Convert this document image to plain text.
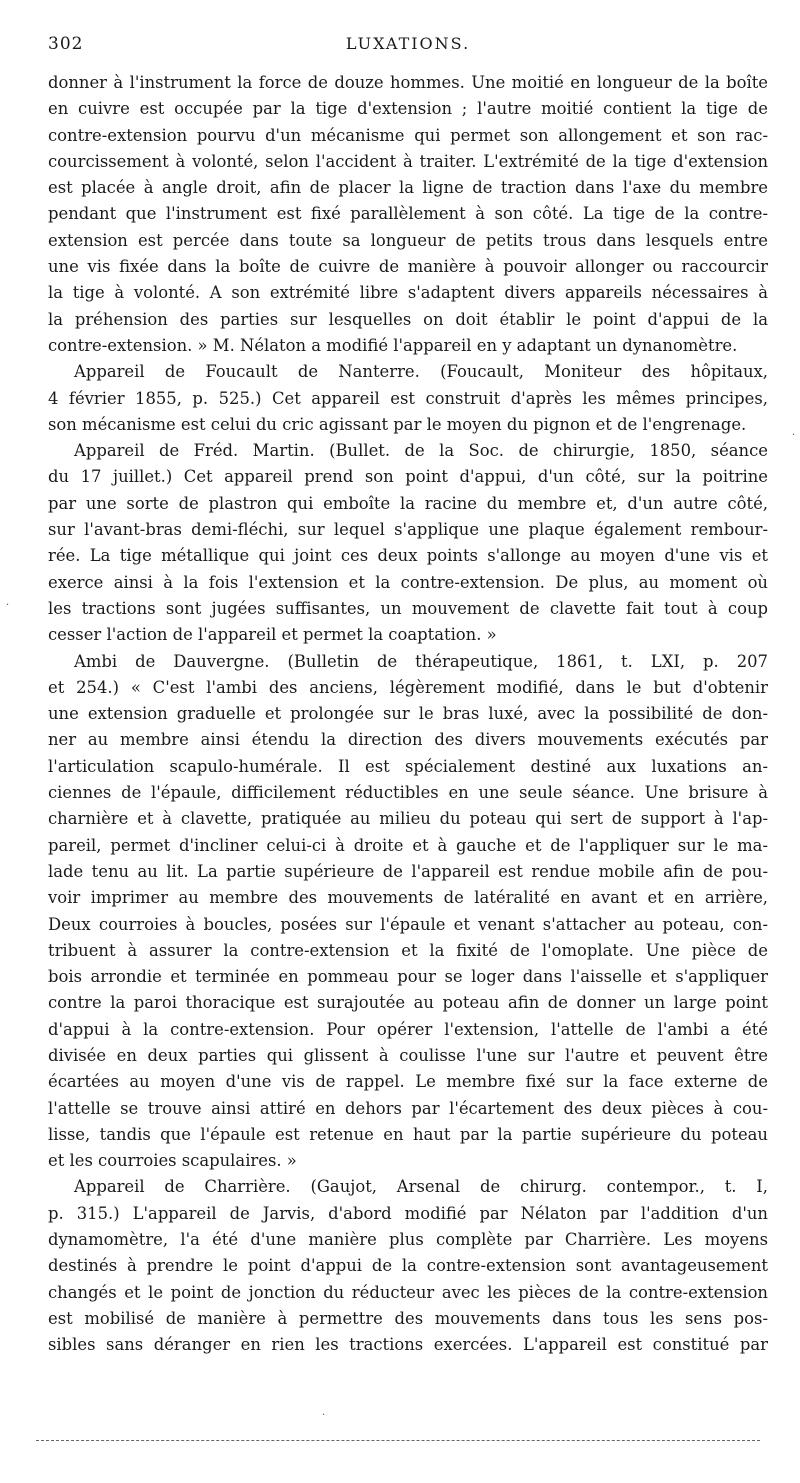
302	LUXATIONS.
donner à l'instrument la force de douze hommes. Une moitié en longueur de la boîte
en cuivre est occupée par la tige d'extension ; l'autre moitié contient la tige de
contre-extension pourvu d'un mécanisme qui permet son allongement et son rac-
courcissement à volonté, selon l'accident à traiter. L'extrémité de la tige d'extension
est placée à angle droit, afin de placer la ligne de traction dans l'axe du membre
pendant que l'instrument est fixé parallèlement à son côté. La tige de la contre-
extension est percée dans toute sa longueur de petits trous dans lesquels entre
une vis fixée dans la boîte de cuivre de manière à pouvoir allonger ou raccourcir
la tige à volonté. A son extrémité libre s'adaptent divers appareils nécessaires à
la préhension des parties sur lesquelles on doit établir le point d'appui de la
contre-extension. » M. Nélaton a modifié l'appareil en y adaptant un dynanomètre.
Appareil de Foucault de Nanterre. (Foucault, Moniteur des hôpitaux,
4 février 1855, p. 525.) Cet appareil est construit d'après les mêmes principes,
son mécanisme est celui du cric agissant par le moyen du pignon et de l'engrenage.
Appareil de Fréd. Martin. (Bullet. de la Soc. de chirurgie, 1850, séance
du 17 juillet.) Cet appareil prend son point d'appui, d'un côté, sur la poitrine
par une sorte de plastron qui emboîte la racine du membre et, d'un autre côté,
sur l'avant-bras demi-fléchi, sur lequel s'applique une plaque également rembour-
rée. La tige métallique qui joint ces deux points s'allonge au moyen d'une vis et
exerce ainsi à la fois l'extension et la contre-extension. De plus, au moment où
les tractions sont jugées suffisantes, un mouvement de clavette fait tout à coup
cesser l'action de l'appareil et permet la coaptation. »
Ambi de Dauvergne. (Bulletin de thérapeutique, 1861, t. LXI, p. 207
et 254.) « C'est l'ambi des anciens, légèrement modifié, dans le but d'obtenir
une extension graduelle et prolongée sur le bras luxé, avec la possibilité de don-
ner au membre ainsi étendu la direction des divers mouvements exécutés par
l'articulation scapulo-humérale. Il est spécialement destiné aux luxations an-
ciennes de l'épaule, difficilement réductibles en une seule séance. Une brisure à
charnière et à clavette, pratiquée au milieu du poteau qui sert de support à l'ap-
pareil, permet d'incliner celui-ci à droite et à gauche et de l'appliquer sur le ma-
lade tenu au lit. La partie supérieure de l'appareil est rendue mobile afin de pou-
voir imprimer au membre des mouvements de latéralité en avant et en arrière,
Deux courroies à boucles, posées sur l'épaule et venant s'attacher au poteau, con-
tribuent à assurer la contre-extension et la fixité de l'omoplate. Une pièce de
bois arrondie et terminée en pommeau pour se loger dans l'aisselle et s'appliquer
contre la paroi thoracique est surajoutée au poteau afin de donner un large point
d'appui à la contre-extension. Pour opérer l'extension, l'attelle de l'ambi a été
divisée en deux parties qui glissent à coulisse l'une sur l'autre et peuvent être
écartées au moyen d'une vis de rappel. Le membre fixé sur la face externe de
l'attelle se trouve ainsi attiré en dehors par l'écartement des deux pièces à cou-
lisse, tandis que l'épaule est retenue en haut par la partie supérieure du poteau
et les courroies scapulaires. »
Appareil de Charrière. (Gaujot, Arsenal de chirurg. contempor., t. I,
p. 315.) L'appareil de Jarvis, d'abord modifié par Nélaton par l'addition d'un
dynamomètre, l'a été d'une manière plus complète par Charrière. Les moyens
destinés à prendre le point d'appui de la contre-extension sont avantageusement
changés et le point de jonction du réducteur avec les pièces de la contre-extension
est mobilisé de manière à permettre des mouvements dans tous les sens pos-
sibles sans déranger en rien les tractions exercées. L'appareil est constitué par
·
·
·
